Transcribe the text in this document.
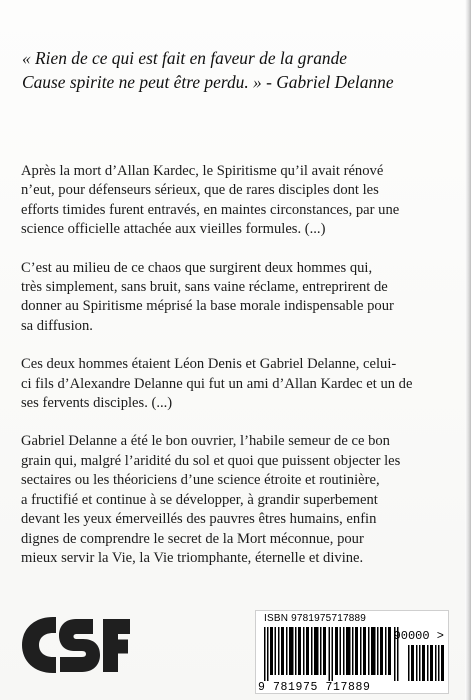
« Rien de ce qui est fait en faveur de la grande
Cause spirite ne peut être perdu. » - Gabriel Delanne

Après la mort d’Allan Kardec, le Spiritisme qu’il avait rénové
n’eut, pour défenseurs sérieux, que de rares disciples dont les
efforts timides furent entravés, en maintes circonstances, par une
science officielle attachée aux vieilles formules. (...)

C’est au milieu de ce chaos que surgirent deux hommes qui,
très simplement, sans bruit, sans vaine réclame, entreprirent de
donner au Spiritisme méprisé la base morale indispensable pour
sa diffusion.

Ces deux hommes étaient Léon Denis et Gabriel Delanne, celui-
ci fils d’Alexandre Delanne qui fut un ami d’Allan Kardec et un de
ses fervents disciples. (...)

Gabriel Delanne a été le bon ouvrier, l’habile semeur de ce bon
grain qui, malgré l’aridité du sol et quoi que puissent objecter les
sectaires ou les théoriciens d’une science étroite et routinière,
a fructifié et continue à se développer, à grandir superbement
devant les yeux émerveillés des pauvres êtres humains, enfin
dignes de comprendre le secret de la Mort méconnue, pour
mieux servir la Vie, la Vie triomphante, éternelle et divine.

ISBN 9781975717889
90000 >
9 781975 717889
